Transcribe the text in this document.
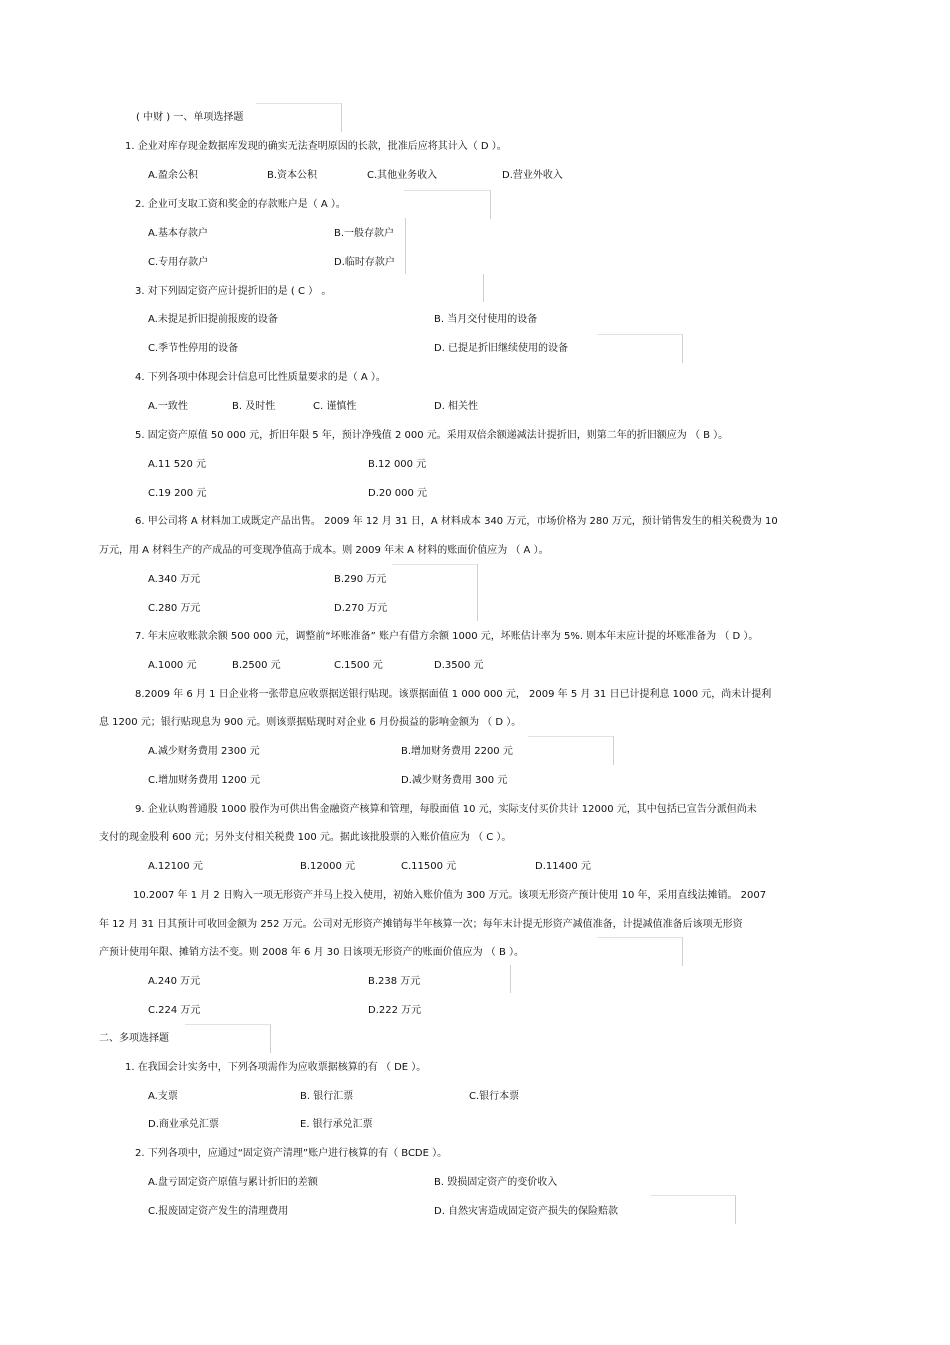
( 中财 ) 一、单项选择题
1. 企业对库存现金数据库发现的确实无法查明原因的长款，批准后应将其计入（ D ）。
A.盈余公积	B.资本公积	C.其他业务收入	D.营业外收入
2. 企业可支取工资和奖金的存款账户是（ A ）。
A.基本存款户	B.一般存款户
C.专用存款户	D.临时存款户
3. 对下列固定资产应计提折旧的是 ( C ） 。
A.未提足折旧提前报废的设备	B. 当月交付使用的设备
C.季节性停用的设备	D. 已提足折旧继续使用的设备
4. 下列各项中体现会计信息可比性质量要求的是（ A ）。
A.一致性	B. 及时性	C. 谨慎性	D. 相关性
5. 固定资产原值 50 000 元，折旧年限 5 年，预计净残值 2 000 元。采用双倍余额递减法计提折旧，则第二年的折旧额应为 （ B ）。
A.11 520 元	B.12 000 元
C.19 200 元	D.20 000 元
6. 甲公司将 A 材料加工成既定产品出售。 2009 年 12 月 31 日，A 材料成本 340 万元，市场价格为 280 万元，预计销售发生的相关税费为 10
万元，用 A 材料生产的产成品的可变现净值高于成本。则 2009 年末 A 材料的账面价值应为 （ A ）。
A.340 万元	B.290 万元
C.280 万元	D.270 万元
7. 年末应收账款余额 500 000 元，调整前“坏账准备” 账户有借方余额 1000 元，坏账估计率为 5%. 则本年末应计提的坏账准备为 （ D ）。
A.1000 元	B.2500 元	C.1500 元	D.3500 元
8.2009 年 6 月 1 日企业将一张带息应收票据送银行贴现。该票据面值 1 000 000 元， 2009 年 5 月 31 日已计提利息 1000 元，尚未计提利
息 1200 元；银行贴现息为 900 元。则该票据贴现时对企业 6 月份损益的影响金额为 （ D ）。
A.减少财务费用 2300 元	B.增加财务费用 2200 元
C.增加财务费用 1200 元	D.减少财务费用 300 元
9. 企业认购普通股 1000 股作为可供出售金融资产核算和管理，每股面值 10 元，实际支付买价共计 12000 元，其中包括已宣告分派但尚未
支付的现金股利 600 元；另外支付相关税费 100 元。据此该批股票的入账价值应为 （ C ）。
A.12100 元	B.12000 元	C.11500 元	D.11400 元
10.2007 年 1 月 2 日购入一项无形资产并马上投入使用，初始入账价值为 300 万元。该项无形资产预计使用 10 年，采用直线法摊销。 2007
年 12 月 31 日其预计可收回金额为 252 万元。公司对无形资产摊销每半年核算一次；每年末计提无形资产减值准备，计提减值准备后该项无形资
产预计使用年限、摊销方法不变。则 2008 年 6 月 30 日该项无形资产的账面价值应为 （ B ）。
A.240 万元	B.238 万元
C.224 万元	D.222 万元
二、多项选择题
1. 在我国会计实务中，下列各项需作为应收票据核算的有 （ DE ）。
A.支票	B. 银行汇票	C.银行本票
D.商业承兑汇票	E. 银行承兑汇票
2. 下列各项中，应通过“固定资产清理”账户进行核算的有（ BCDE ）。
A.盘亏固定资产原值与累计折旧的差额	B. 毁损固定资产的变价收入
C.报废固定资产发生的清理费用	D. 自然灾害造成固定资产损失的保险赔款
